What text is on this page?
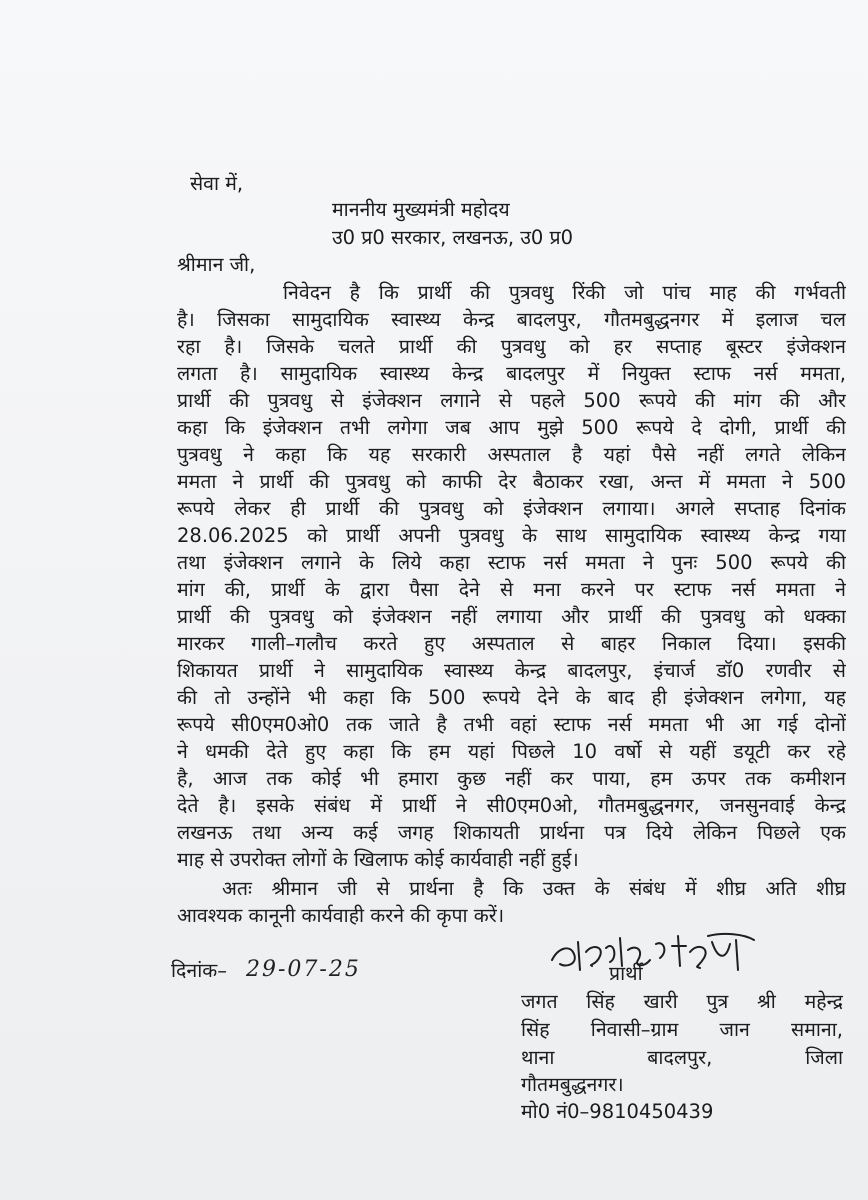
सेवा में,
माननीय मुख्यमंत्री महोदय
उ0 प्र0 सरकार, लखनऊ, उ0 प्र0
श्रीमान जी,
निवेदन है कि प्रार्थी की पुत्रवधु रिंकी जो पांच माह की गर्भवती
है। जिसका सामुदायिक स्वास्थ्य केन्द्र बादलपुर, गौतमबुद्धनगर में इलाज चल
रहा है। जिसके चलते प्रार्थी की पुत्रवधु को हर सप्ताह बूस्टर इंजेक्शन
लगता है। सामुदायिक स्वास्थ्य केन्द्र बादलपुर में नियुक्त स्टाफ नर्स ममता,
प्रार्थी की पुत्रवधु से इंजेक्शन लगाने से पहले 500 रूपये की मांग की और
कहा कि इंजेक्शन तभी लगेगा जब आप मुझे 500 रूपये दे दोगी, प्रार्थी की
पुत्रवधु ने कहा कि यह सरकारी अस्पताल है यहां पैसे नहीं लगते लेकिन
ममता ने प्रार्थी की पुत्रवधु को काफी देर बैठाकर रखा, अन्त में ममता ने 500
रूपये लेकर ही प्रार्थी की पुत्रवधु को इंजेक्शन लगाया। अगले सप्ताह दिनांक
28.06.2025 को प्रार्थी अपनी पुत्रवधु के साथ सामुदायिक स्वास्थ्य केन्द्र गया
तथा इंजेक्शन लगाने के लिये कहा स्टाफ नर्स ममता ने पुनः 500 रूपये की
मांग की, प्रार्थी के द्वारा पैसा देने से मना करने पर स्टाफ नर्स ममता ने
प्रार्थी की पुत्रवधु को इंजेक्शन नहीं लगाया और प्रार्थी की पुत्रवधु को धक्का
मारकर गाली–गलौच करते हुए अस्पताल से बाहर निकाल दिया। इसकी
शिकायत प्रार्थी ने सामुदायिक स्वास्थ्य केन्द्र बादलपुर, इंचार्ज डॉ0 रणवीर से
की तो उन्होंने भी कहा कि 500 रूपये देने के बाद ही इंजेक्शन लगेगा, यह
रूपये सी0एम0ओ0 तक जाते है तभी वहां स्टाफ नर्स ममता भी आ गई दोनों
ने धमकी देते हुए कहा कि हम यहां पिछले 10 वर्षो से यहीं डयूटी कर रहे
है, आज तक कोई भी हमारा कुछ नहीं कर पाया, हम ऊपर तक कमीशन
देते है। इसके संबंध में प्रार्थी ने सी0एम0ओ, गौतमबुद्धनगर, जनसुनवाई केन्द्र
लखनऊ तथा अन्य कई जगह शिकायती प्रार्थना पत्र दिये लेकिन पिछले एक
माह से उपरोक्त लोगों के खिलाफ कोई कार्यवाही नहीं हुई।
अतः श्रीमान जी से प्रार्थना है कि उक्त के संबंध में शीघ्र अति शीघ्र
आवश्यक कानूनी कार्यवाही करने की कृपा करें।
प्रार्थी
दिनांक– 29-07-25
जगत सिंह खारी पुत्र श्री महेन्द्र
सिंह निवासी–ग्राम जान समाना,
थाना बादलपुर, जिला
गौतमबुद्धनगर।
मो0 नं0–9810450439
